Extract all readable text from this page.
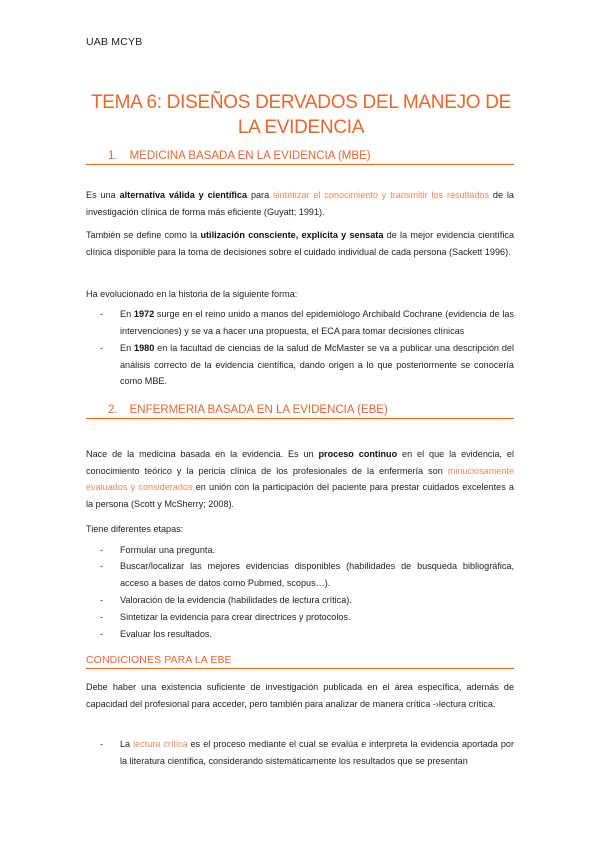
UAB MCYB
TEMA 6: DISEÑOS DERVADOS DEL MANEJO DE LA EVIDENCIA
1. MEDICINA BASADA EN LA EVIDENCIA (MBE)
Es una alternativa válida y científica para sintetizar el conocimiento y transmitir los resultados de la investigación clínica de forma más eficiente (Guyatt; 1991).
También se define como la utilización consciente, explícita y sensata de la mejor evidencia científica clínica disponible para la toma de decisiones sobre el cuidado individual de cada persona (Sackett 1996).
Ha evolucionado en la historia de la siguiente forma:
- En 1972 surge en el reino unido a manos del epidemiólogo Archibald Cochrane (evidencia de las intervenciones) y se va a hacer una propuesta, el ECA para tomar decisiones clínicas
- En 1980 en la facultad de ciencias de la salud de McMaster se va a publicar una descripción del análisis correcto de la evidencia científica, dando origen a lo que posteriormente se conocería como MBE.
2. ENFERMERIA BASADA EN LA EVIDENCIA (EBE)
Nace de la medicina basada en la evidencia. Es un proceso continuo en el que la evidencia, el conocimiento teórico y la pericia clínica de los profesionales de la enfermería son minuciosamente evaluados y considerados en unión con la participación del paciente para prestar cuidados excelentes a la persona (Scott y McSherry; 2008).
Tiene diferentes etapas:
- Formular una pregunta.
- Buscar/localizar las mejores evidencias disponibles (habilidades de busqueda bibliográfica, acceso a bases de datos como Pubmed, scopus…).
- Valoración de la evidencia (habilidades de lectura crítica).
- Sintetizar la evidencia para crear directrices y protocolos.
- Evaluar los resultados.
CONDICIONES PARA LA EBE
Debe haber una existencia suficiente de investigación publicada en el área específica, además de capacidad del profesional para acceder, pero también para analizar de manera crítica -›lectura crítica.
- La lectura crítica es el proceso mediante el cual se evalúa e interpreta la evidencia aportada por la literatura científica, considerando sistemáticamente los resultados que se presentan
